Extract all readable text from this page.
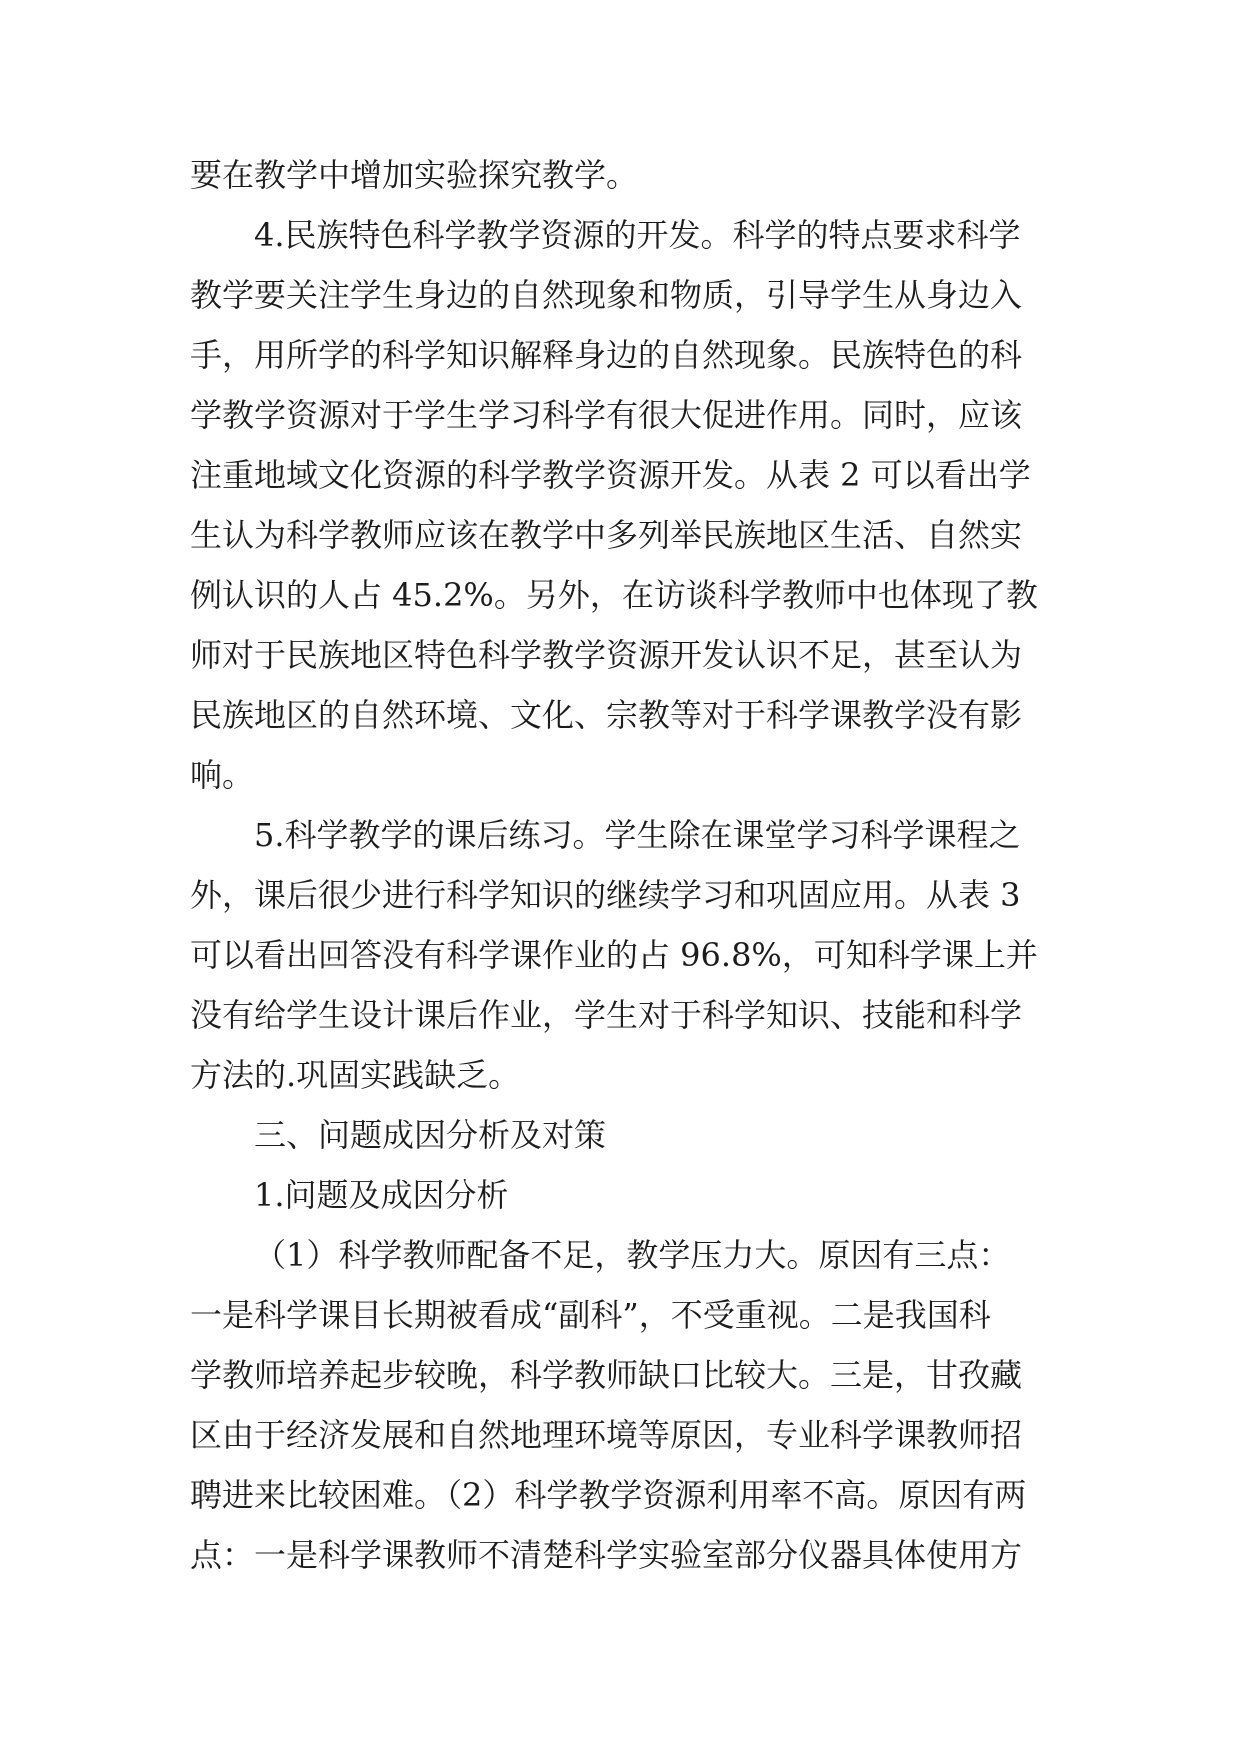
要在教学中增加实验探究教学。

4.民族特色科学教学资源的开发。科学的特点要求科学

教学要关注学生身边的自然现象和物质，引导学生从身边入

手，用所学的科学知识解释身边的自然现象。民族特色的科

学教学资源对于学生学习科学有很大促进作用。同时，应该

注重地域文化资源的科学教学资源开发。从表 2 可以看出学

生认为科学教师应该在教学中多列举民族地区生活、自然实

例认识的人占 45.2%。另外，在访谈科学教师中也体现了教

师对于民族地区特色科学教学资源开发认识不足，甚至认为

民族地区的自然环境、文化、宗教等对于科学课教学没有影

响。

5.科学教学的课后练习。学生除在课堂学习科学课程之

外，课后很少进行科学知识的继续学习和巩固应用。从表 3

可以看出回答没有科学课作业的占 96.8%，可知科学课上并

没有给学生设计课后作业，学生对于科学知识、技能和科学

方法的.巩固实践缺乏。

三、问题成因分析及对策

1.问题及成因分析

（1）科学教师配备不足，教学压力大。原因有三点：

一是科学课目长期被看成“副科”，不受重视。二是我国科

学教师培养起步较晚，科学教师缺口比较大。三是，甘孜藏

区由于经济发展和自然地理环境等原因，专业科学课教师招

聘进来比较困难。（2）科学教学资源利用率不高。原因有两

点：一是科学课教师不清楚科学实验室部分仪器具体使用方
